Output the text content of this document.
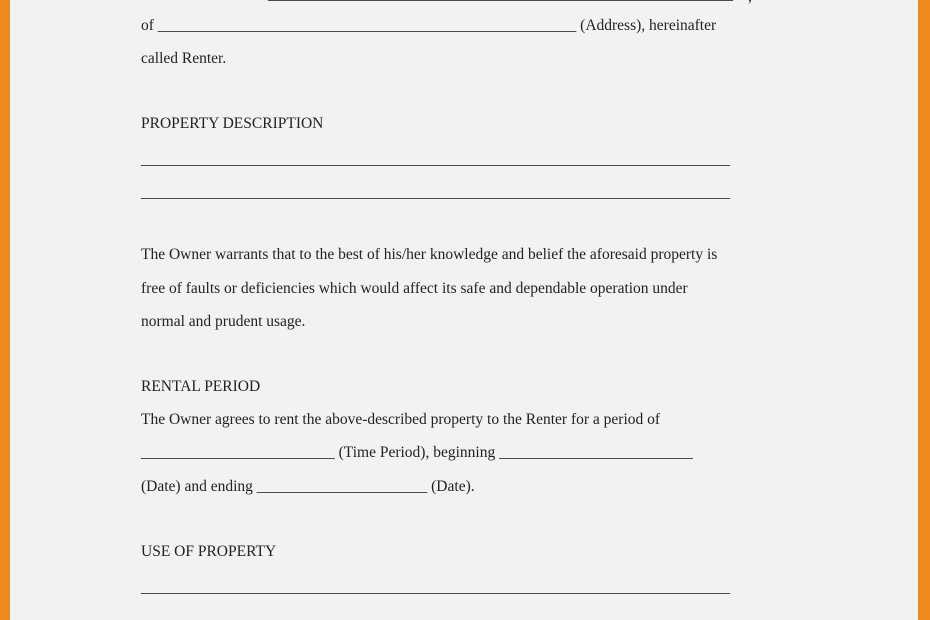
of ______________________________________________________ (Address), hereinafter

called Renter.

PROPERTY DESCRIPTION

____________________________________________________________________________

____________________________________________________________________________

The Owner warrants that to the best of his/her knowledge and belief the aforesaid property is

free of faults or deficiencies which would affect its safe and dependable operation under

normal and prudent usage.

RENTAL PERIOD

The Owner agrees to rent the above-described property to the Renter for a period of

_________________________ (Time Period), beginning _________________________

(Date) and ending ______________________ (Date).

USE OF PROPERTY

____________________________________________________________________________
